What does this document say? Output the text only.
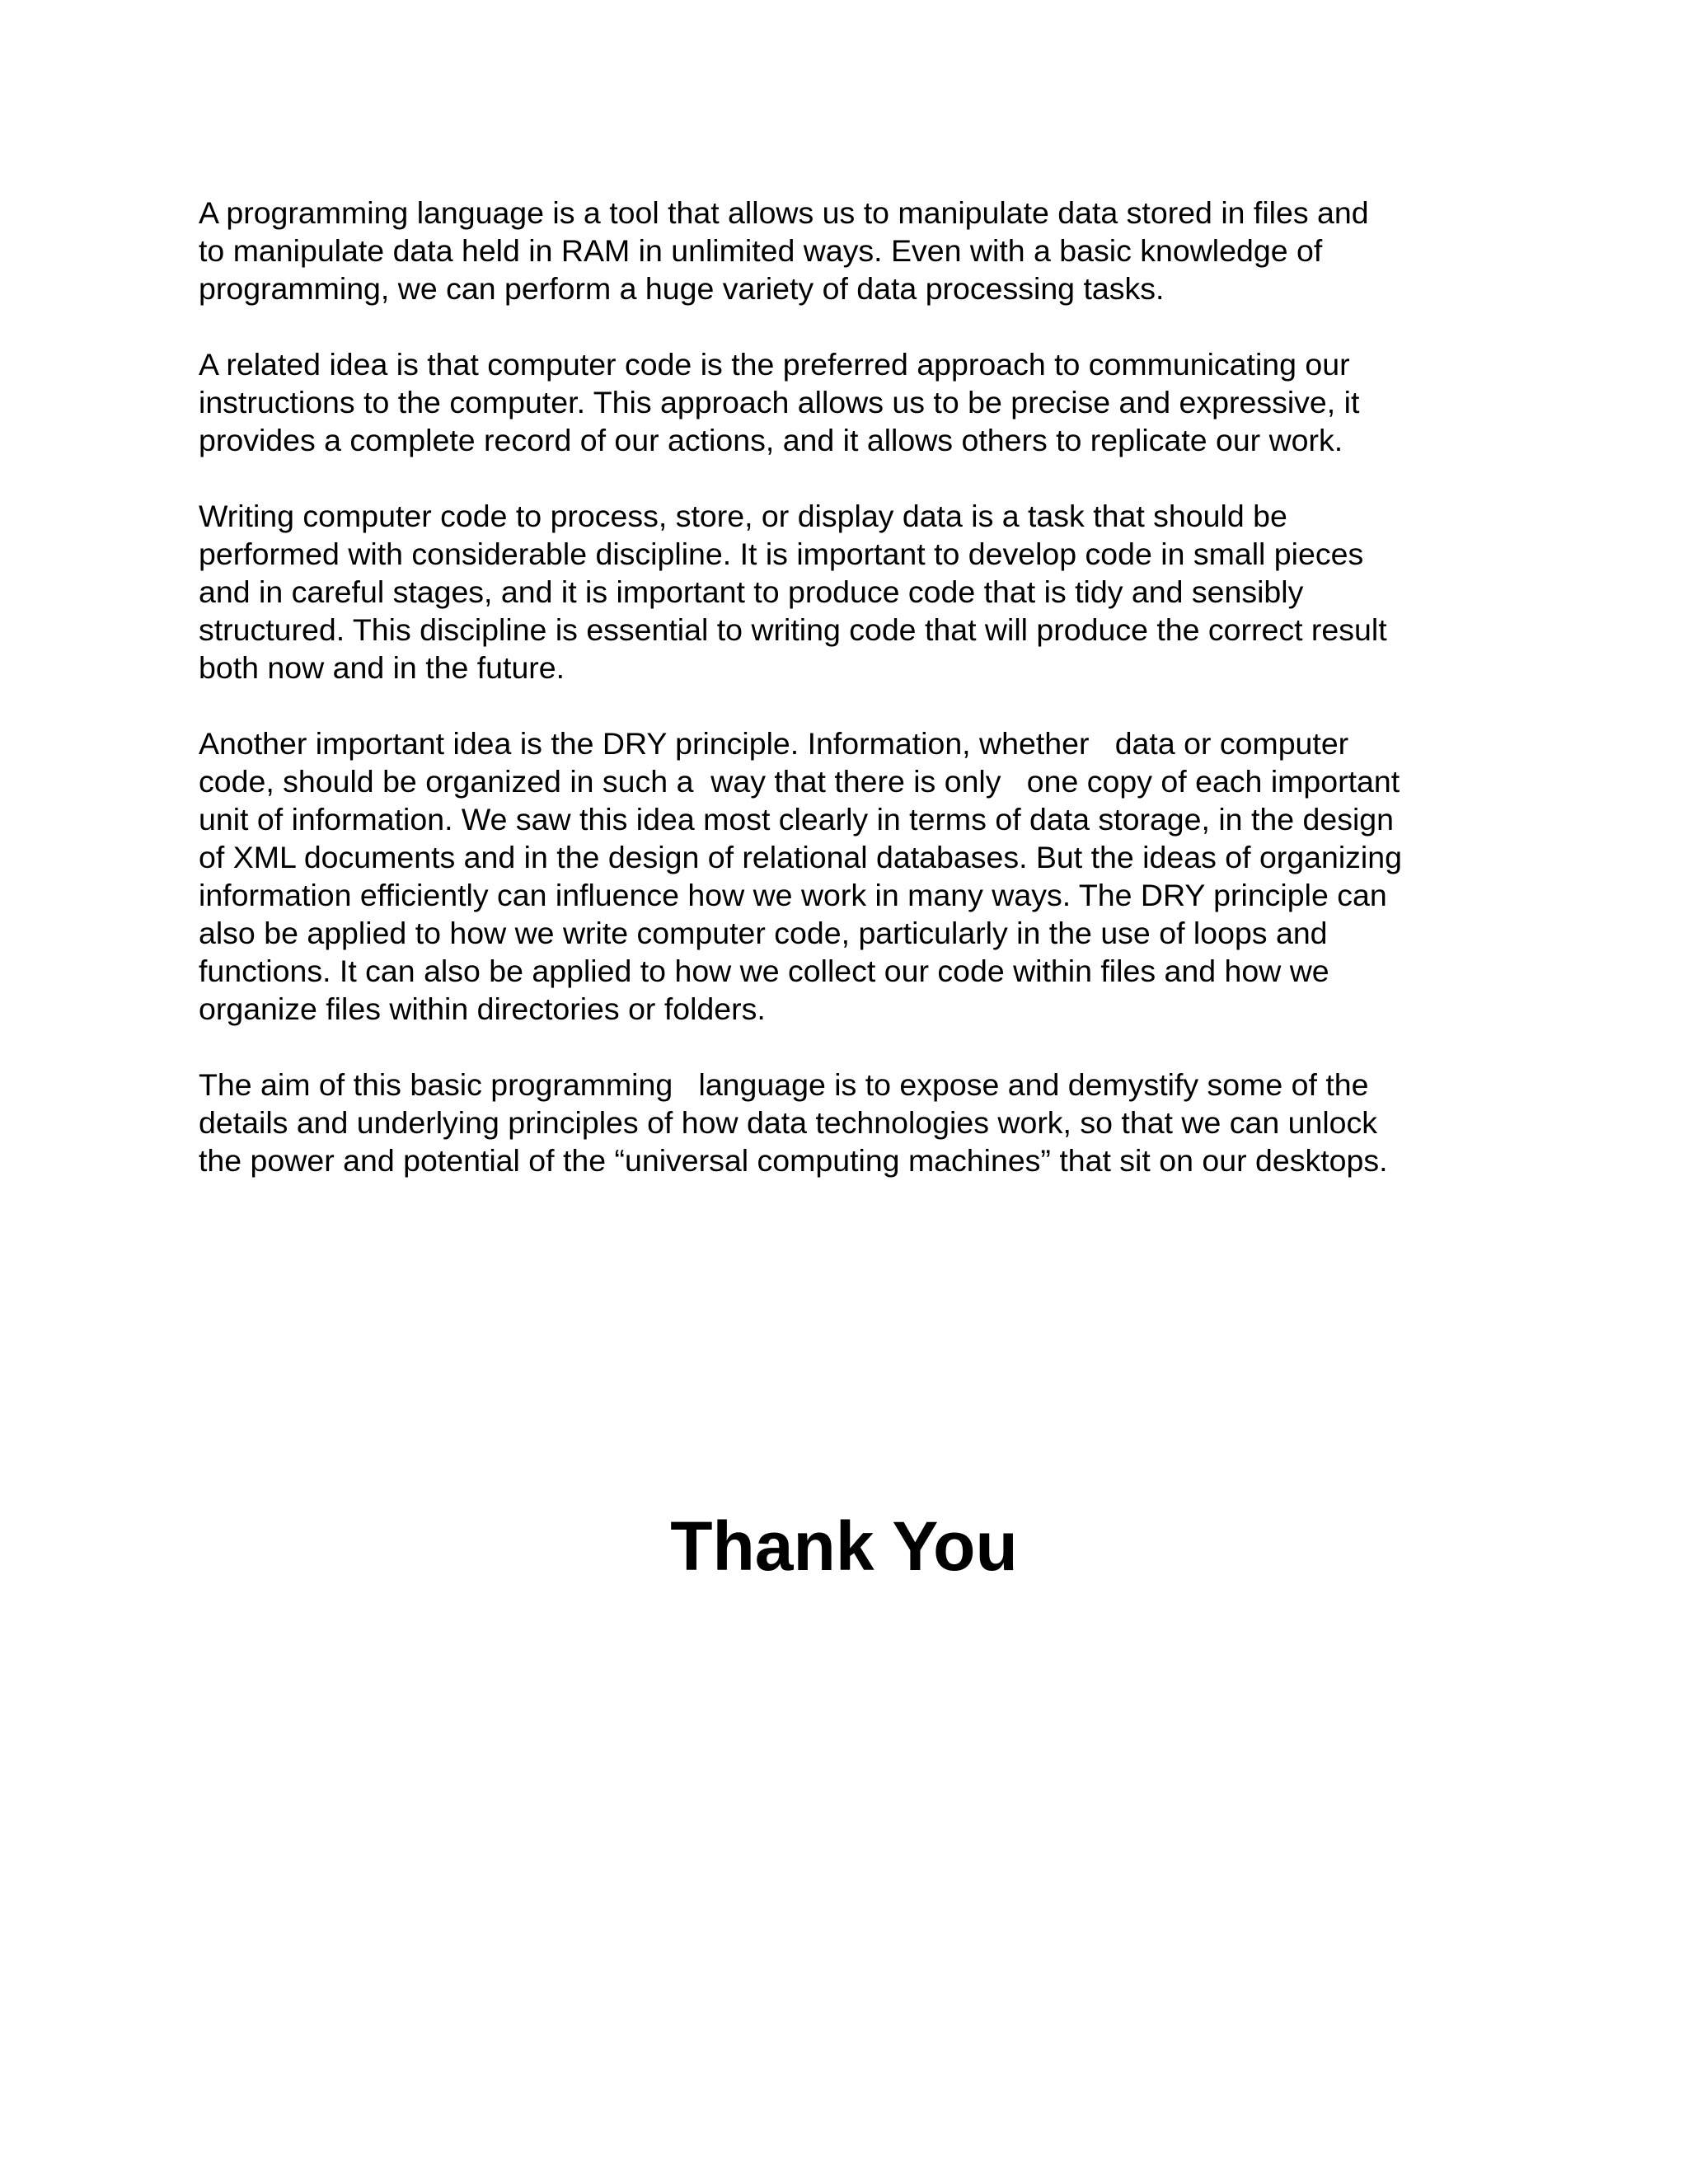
A programming language is a tool that allows us to manipulate data stored in files and
to manipulate data held in RAM in unlimited ways. Even with a basic knowledge of
programming, we can perform a huge variety of data processing tasks.

A related idea is that computer code is the preferred approach to communicating our
instructions to the computer. This approach allows us to be precise and expressive, it
provides a complete record of our actions, and it allows others to replicate our work.

Writing computer code to process, store, or display data is a task that should be
performed with considerable discipline. It is important to develop code in small pieces
and in careful stages, and it is important to produce code that is tidy and sensibly
structured. This discipline is essential to writing code that will produce the correct result
both now and in the future.

Another important idea is the DRY principle. Information, whether   data or computer
code, should be organized in such a  way that there is only   one copy of each important
unit of information. We saw this idea most clearly in terms of data storage, in the design
of XML documents and in the design of relational databases. But the ideas of organizing
information efficiently can influence how we work in many ways. The DRY principle can
also be applied to how we write computer code, particularly in the use of loops and
functions. It can also be applied to how we collect our code within files and how we
organize files within directories or folders.

The aim of this basic programming   language is to expose and demystify some of the
details and underlying principles of how data technologies work, so that we can unlock
the power and potential of the “universal computing machines” that sit on our desktops.

Thank You
